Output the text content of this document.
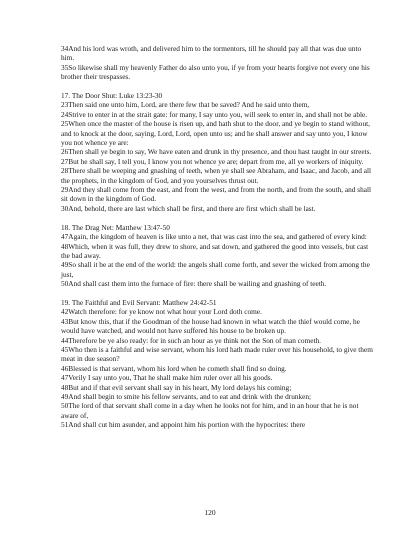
34And his lord was wroth, and delivered him to the tormentors, till he should pay all that was due unto him.

35So likewise shall my heavenly Father do also unto you, if ye from your hearts forgive not every one his brother their trespasses.

17. The Door Shut: Luke 13:23-30

23Then said one unto him, Lord, are there few that be saved? And he said unto them,

24Strive to enter in at the strait gate: for many, I say unto you, will seek to enter in, and shall not be able.

25When once the master of the house is risen up, and hath shut to the door, and ye begin to stand without, and to knock at the door, saying, Lord, Lord, open unto us; and he shall answer and say unto you, I know you not whence ye are:

26Then shall ye begin to say, We have eaten and drunk in thy presence, and thou hast taught in our streets.

27But he shall say, I tell you, I know you not whence ye are; depart from me, all ye workers of iniquity.

28There shall be weeping and gnashing of teeth, when ye shall see Abraham, and Isaac, and Jacob, and all the prophets, in the kingdom of God, and you yourselves thrust out.

29And they shall come from the east, and from the west, and from the north, and from the south, and shall sit down in the kingdom of God.

30And, behold, there are last which shall be first, and there are first which shall be last.

18. The Drag Net: Matthew 13:47-50

47Again, the kingdom of heaven is like unto a net, that was cast into the sea, and gathered of every kind:

48Which, when it was full, they drew to shore, and sat down, and gathered the good into vessels, but cast the bad away.

49So shall it be at the end of the world: the angels shall come forth, and sever the wicked from among the just,

50And shall cast them into the furnace of fire: there shall be wailing and gnashing of teeth.

19. The Faithful and Evil Servant: Matthew 24:42-51

42Watch therefore: for ye know not what hour your Lord doth come.

43But know this, that if the Goodman of the house had known in what watch the thief would come, he would have watched, and would not have suffered his house to be broken up.

44Therefore be ye also ready: for in such an hour as ye think not the Son of man cometh.

45Who then is a faithful and wise servant, whom his lord hath made ruler over his household, to give them meat in due season?

46Blessed is that servant, whom his lord when he cometh shall find so doing.

47Verily I say unto you, That he shall make him ruler over all his goods.

48But and if that evil servant shall say in his heart, My lord delays his coming;

49And shall begin to smite his fellow servants, and to eat and drink with the drunken;

50The lord of that servant shall come in a day when he looks not for him, and in an hour that he is not aware of,

51And shall cut him asunder, and appoint him his portion with the hypocrites: there

120
